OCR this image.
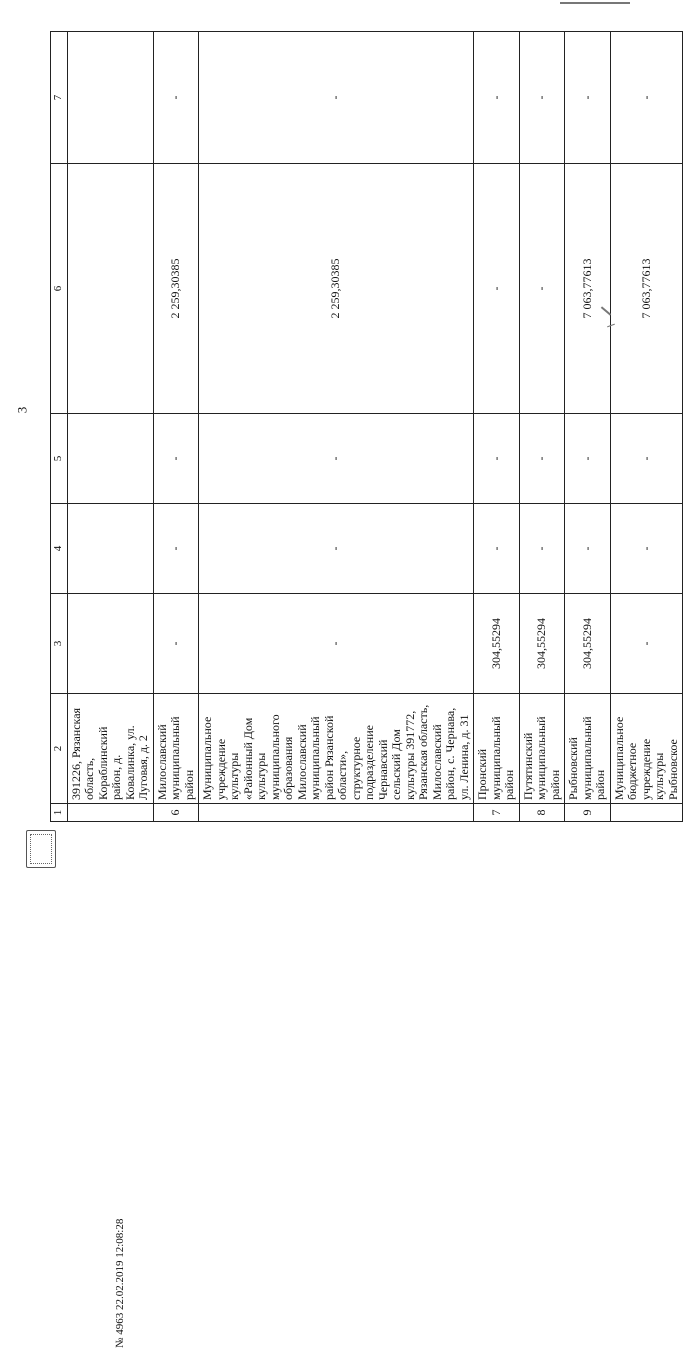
3
1	2	3	4	5	6	7
	391226, Рязанская область, Кораблинский район, д. Ковалинка, ул. Луговая, д. 2					
6	Милославский муниципальный район	-	-	-	2 259,30385	-
	Муниципальное учреждение культуры «Районный Дом культуры муниципального образования Милославский муниципальный район Рязанской области», структурное подразделение Чернавский сельский Дом культуры 391772, Рязанская область, Милославский район, с. Чернава, ул. Ленина, д. 31	-	-	-	2 259,30385	-
7	Пронский муниципальный район	304,55294	-	-	-	-
8	Путятинский муниципальный район	304,55294	-	-	-	-
9	Рыбновский муниципальный район	304,55294	-	-	7 063,77613	-
	Муниципальное бюджетное учреждение культуры Рыбновское	-	-	-	7 063,77613	-
№ 4963 22.02.2019 12:08:28
